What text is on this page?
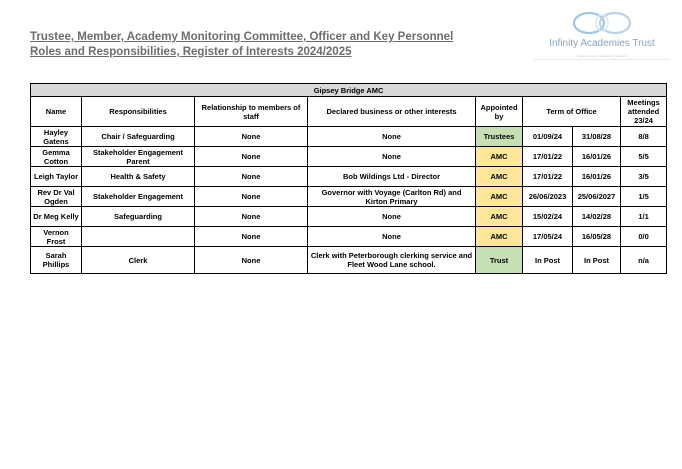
Trustee, Member, Academy Monitoring Committee, Officer and Key Personnel
Roles and Responsibilities, Register of Interests 2024/2025
Infinity Academies Trust
Inspire to learn. Prepared to Succeed
Gipsey Bridge AMC							
Name	Responsibilities	Relationship to members of staff	Declared business or other interests	Appointed by	Term of Office		Meetings attended 23/24
Hayley Gatens	Chair / Safeguarding	None	None	Trustees	01/09/24	31/08/28	8/8
Gemma Cotton	Stakeholder Engagement Parent	None	None	AMC	17/01/22	16/01/26	5/5
Leigh Taylor	Health & Safety	None	Bob Wildings Ltd - Director	AMC	17/01/22	16/01/26	3/5
Rev Dr Val Ogden	Stakeholder Engagement	None	Governor with Voyage (Carlton Rd) and Kirton Primary	AMC	26/06/2023	25/06/2027	1/5
Dr Meg Kelly	Safeguarding	None	None	AMC	15/02/24	14/02/28	1/1
Vernon Frost		None	None	AMC	17/05/24	16/05/28	0/0
Sarah Phillips	Clerk	None	Clerk with Peterborough clerking service and Fleet Wood Lane school.	Trust	In Post	In Post	n/a
